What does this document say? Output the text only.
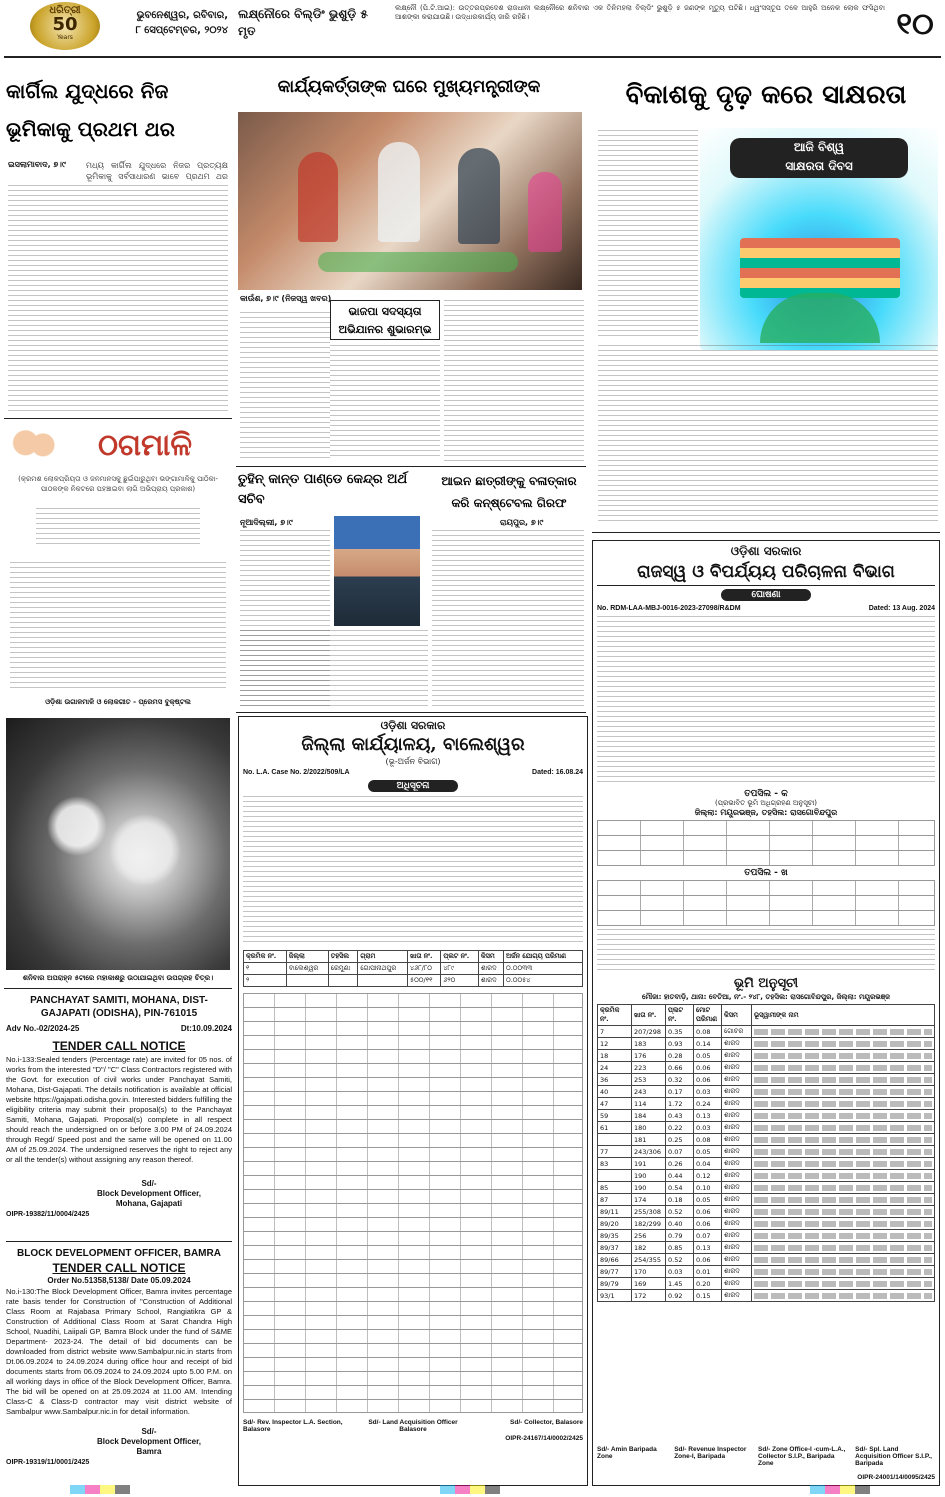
ଧରିତ୍ରୀ
50
Years
ଭୁବନେଶ୍ୱର, ରବିବାର,
୮ ସେପ୍ଟେମ୍ବର, ୨୦୨୪
ଲକ୍ଷ୍ନୌରେ ବିଲ୍ଡିଂ ଭୁଶୁଡ଼ି ୫ ମୃତ
ଲକ୍ଷ୍ନୌ (ପି.ଟି.ଆଇ): ଉତ୍ତରପ୍ରଦେଶ ରାଜଧାନୀ ଲକ୍ଷ୍ନୌରେ ଶନିବାର ଏକ ତିନିମହଲା ବିଲ୍ଡିଂ ଭୁଶୁଡ଼ି ୫ ଜଣଙ୍କ ମୃତ୍ୟୁ ଘଟିଛି। ଧ୍ୱଂସସ୍ତୂପ ତଳେ ଆହୁରି ଅନେକ ଲୋକ ଫସିଥିବା ଆଶଙ୍କା କରାଯାଉଛି। ଉଦ୍ଧାରକାର୍ଯ୍ୟ ଜାରି ରହିଛି।	୧୦
କାର୍ଗିଲ ଯୁଦ୍ଧରେ ନିଜ ଭୂମିକାକୁ ପ୍ରଥମ ଥର
ଇସଲାମାବାଦ, ୭।୯	ମଧ୍ୟ କାର୍ଗିଲ ଯୁଦ୍ଧରେ ନିଜର ପ୍ରତ୍ୟକ୍ଷ ଭୂମିକାକୁ ସର୍ବସାଧାରଣ ଭାବେ ପ୍ରଥମ ଥର
କାର୍ଯ୍ୟକର୍ତ୍ତାଙ୍କ ଘରେ ମୁଖ୍ୟମନ୍ତ୍ରୀଙ୍କ
କାଉଁଶ, ୭।୯ (ନିଜସ୍ୱ ଖବର)
ଭାଜପା ସଦସ୍ୟତା ଅଭିଯାନର ଶୁଭାରମ୍ଭ
ବିକାଶକୁ ଦୃଢ଼ କରେ ସାକ୍ଷରତା
ଆଜି ବିଶ୍ୱ
ସାକ୍ଷରତା ଦିବସ
ଠଗମାଳି
(କ୍ରମଶ ଲୋକପ୍ରିୟତା ଓ ଜନମାନସକୁ ଛୁଇଁପାରୁଥିବା ଭଙ୍ଗାମାଳିକୁ ପାଠିକା-ପାଠକଙ୍କ ନିକଟରେ ପହଞ୍ଚାଇବା ଲାଗି ଅଭିପ୍ରାୟ ପ୍ରକାଶ)
ଓଡ଼ିଶା ଉଗାଳମାଳି ଓ ଲୋକଗୀତ - ପ୍ରେମସ ବୁକ୍‌ଷ୍ଟଲ
ଶନିବାର ଅପରାହ୍ନ ୫ଟାରେ ମହାକାଶରୁ ଉଠାଯାଇଥିବା ଉପଗ୍ରହ ଚିତ୍ର।
PANCHAYAT SAMITI, MOHANA, DIST-GAJAPATI (ODISHA), PIN-761015
Adv No.-02/2024-25	Dt:10.09.2024
TENDER CALL NOTICE
No.i-133:Sealed tenders (Percentage rate) are invited for 05 nos. of works from the interested "D"/ "C" Class Contractors registered with the Govt. for execution of civil works under Panchayat Samiti, Mohana, Dist-Gajapati. The details notification is available at official website https://gajapati.odisha.gov.in. Interested bidders fulfilling the eligibility criteria may submit their proposal(s) to the Panchayat Samiti, Mohana, Gajapati. Proposal(s) complete in all respect should reach the undersigned on or before 3.00 PM of 24.09.2024 through Regd/ Speed post and the same will be opened on 11.00 AM of 25.09.2024. The undersigned reserves the right to reject any or all the tender(s) without assigning any reason thereof.
Sd/-
Block Development Officer,
Mohana, Gajapati
OIPR-19382/11/0004/2425
BLOCK DEVELOPMENT OFFICER, BAMRA
TENDER CALL NOTICE
Order No.51358,5138/ Date 05.09.2024
No.i-130:The Block Development Officer, Bamra invites percentage rate basis tender for Construction of "Construction of Additional Class Room at Rajabasa Primary School, Rangiatikra GP & Construction of Additional Class Room at Sarat Chandra High School, Nuadihi, Laiipali GP, Bamra Block under the fund of S&ME Department- 2023-24. The detail of bid documents can be downloaded from district website www.Sambalpur.nic.in starts from Dt.06.09.2024 to 24.09.2024 during office hour and receipt of bid documents starts from 06.09.2024 to 24.09.2024 upto 5.00 P.M. on all working days in office of the Block Development Officer, Bamra. The bid will be opened on at 25.09.2024 at 11.00 AM. Intending Class-C & Class-D contractor may visit district website of Sambalpur www.Sambalpur.nic.in for detail information.
Sd/-
Block Development Officer,
Bamra
OIPR-19319/11/0001/2425
ତୁହିନ୍ କାନ୍ତ ପାଣ୍ଡେ କେନ୍ଦ୍ର ଅର୍ଥ ସଚିବ
ନୂଆଦିଲ୍ଲୀ, ୭।୯
ଆଇନ ଛାତ୍ରୀଙ୍କୁ ବଳାତ୍କାର କରି କନ୍‌ଷ୍ଟେବଲ ଗିରଫ
ରାୟପୁର, ୭।୯
ଓଡ଼ିଶା ସରକାର
ଜିଲ୍ଲା କାର୍ଯ୍ୟାଳୟ, ବାଲେଶ୍ୱର
(ଭୂ-ଅର୍ଜନ ବିଭାଗ)
No. L.A. Case No. 2/2022/509/LA	Dated: 16.08.24
ଅଧିସୂଚନା
କ୍ରମିକ ନଂ.	ଜିଲ୍ଲା	ତହସିଲ	ଗ୍ରାମ	ଖାତା ନଂ.	ପ୍ଲଟ ନଂ.	କିସମ	ଅର୍ଜନ ଯୋଗ୍ୟ ପରିମାଣ
୧	ବାଲେଶ୍ୱର	ରେମୁଣା	ଗୋପୀନାଥପୁର	୪୬୮/୮୦	୪୮୯	ଶାରଦ	୦.୦୦୩୩
୨				୫୦୦/୧୧	୬୨୦	ଶାରଦ	୦.୦୦୫୪
Sd/- Rev. Inspector L.A. Section, Balasore
Sd/- Land Acquisition Officer Balasore
Sd/- Collector, Balasore
OIPR-24167/14/0002/2425
ଓଡ଼ିଶା ସରକାର
ରାଜସ୍ୱ ଓ ବିପର୍ଯ୍ୟୟ ପରିଚାଳନା ବିଭାଗ
ଘୋଷଣା
No. RDM-LAA-MBJ-0016-2023-27098/R&DM	Dated: 13 Aug. 2024
ତପସିଲ - କ
(ପ୍ରଭାବିତ ଭୂମି ଅଧିଗ୍ରହଣ ଅନୁସୂଚୀ)
ଜିଲ୍ଲା: ମୟୂରଭଞ୍ଜ, ତହସିଲ: ରାସଗୋବିନ୍ଦପୁର
ତପସିଲ - ଖ
ଭୂମି ଅନୁସୂଚୀ
ମୌଜା: ହାତବାଡ଼ି, ଥାନା: ବେତିଆ, ନଂ.- ୨୪୮, ତହସିଲ: ରାସଗୋବିନ୍ଦପୁର, ଜିଲ୍ଲା: ମୟୂରଭଞ୍ଜ
କ୍ରମିକ ନଂ.	ଖାତା ନଂ.	ପ୍ଲଟ ନଂ.	ମୋଟ ପରିମାଣ	କିସମ	ଭୂସ୍ୱାମୀଙ୍କ ନାମ
7	207/298	0.35	0.08	ଗୋଚର	

12	183	0.93	0.14	ଶାରଦ	

18	176	0.28	0.05	ଶାରଦ	

24	223	0.66	0.06	ଶାରଦ	

36	253	0.32	0.06	ଶାରଦ	

40	243	0.17	0.03	ଶାରଦ	

47	114	1.72	0.24	ଶାରଦ	

59	184	0.43	0.13	ଶାରଦ	

61	180	0.22	0.03	ଶାରଦ	

	181	0.25	0.08	ଶାରଦ	

77	243/306	0.07	0.05	ଶାରଦ	

83	191	0.26	0.04	ଶାରଦ	

	190	0.44	0.12	ଶାରଦ	

85	190	0.54	0.10	ଶାରଦ	

87	174	0.18	0.05	ଶାରଦ	

89/11	255/308	0.52	0.06	ଶାରଦ	

89/20	182/299	0.40	0.06	ଶାରଦ	

89/35	256	0.79	0.07	ଶାରଦ	

89/37	182	0.85	0.13	ଶାରଦ	

89/66	254/355	0.52	0.06	ଶାରଦ	

89/77	170	0.03	0.01	ଶାରଦ	

89/79	169	1.45	0.20	ଶାରଦ	

93/1	172	0.92	0.15	ଶାରଦ	
Sd/- Amin Baripada Zone
Sd/- Revenue Inspector Zone-I, Baripada
Sd/- Zone Office-I -cum-L.A., Collector S.I.P., Baripada Zone
Sd/- Spl. Land Acquisition Officer S.I.P., Baripada
OIPR-24001/14/0095/2425
